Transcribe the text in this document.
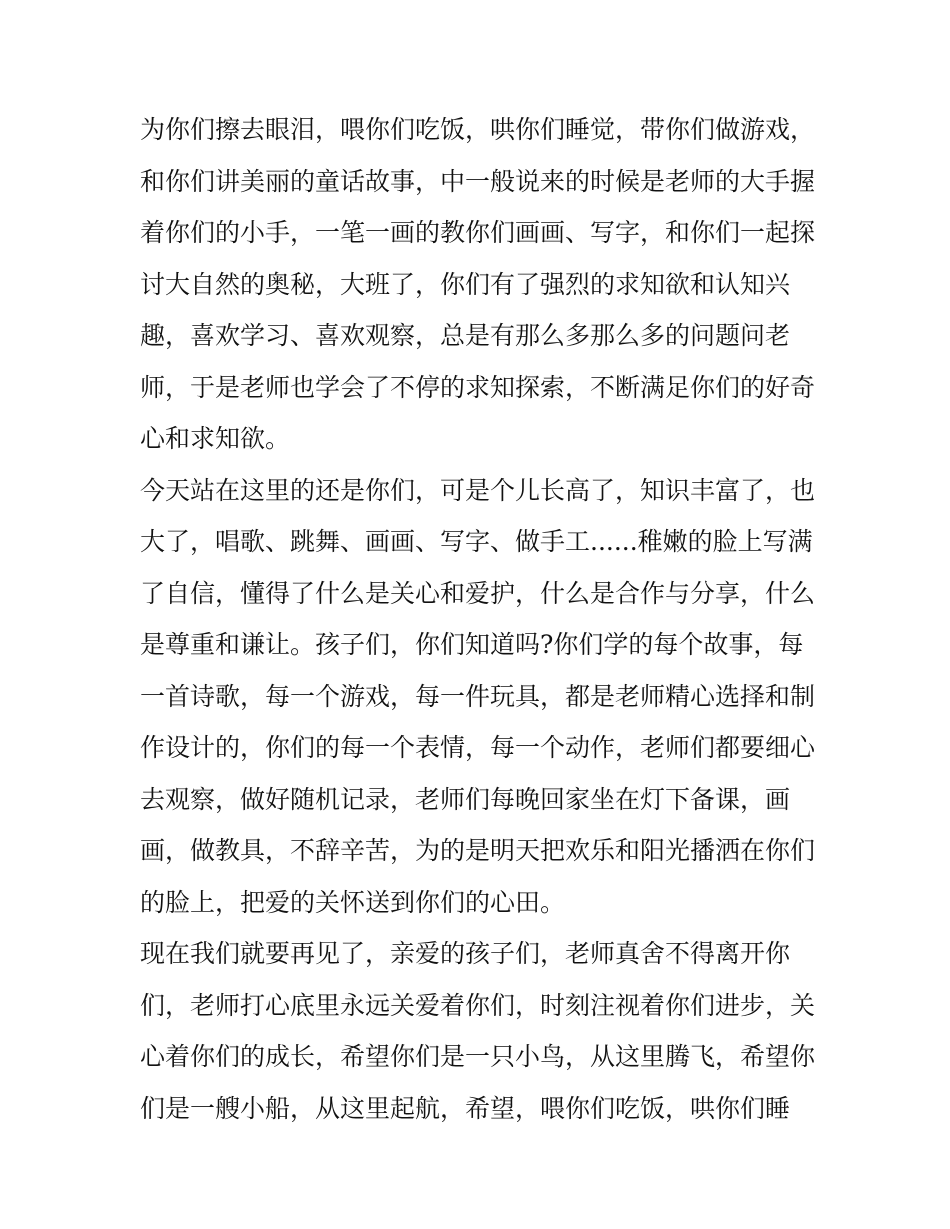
为你们擦去眼泪，喂你们吃饭，哄你们睡觉，带你们做游戏，
和你们讲美丽的童话故事，中一般说来的时候是老师的大手握
着你们的小手，一笔一画的教你们画画、写字，和你们一起探
讨大自然的奥秘，大班了，你们有了强烈的求知欲和认知兴
趣，喜欢学习、喜欢观察，总是有那么多那么多的问题问老
师，于是老师也学会了不停的求知探索，不断满足你们的好奇
心和求知欲。
今天站在这里的还是你们，可是个儿长高了，知识丰富了，也
大了，唱歌、跳舞、画画、写字、做手工......稚嫩的脸上写满
了自信，懂得了什么是关心和爱护，什么是合作与分享，什么
是尊重和谦让。孩子们，你们知道吗?你们学的每个故事，每
一首诗歌，每一个游戏，每一件玩具，都是老师精心选择和制
作设计的，你们的每一个表情，每一个动作，老师们都要细心
去观察，做好随机记录，老师们每晚回家坐在灯下备课，画
画，做教具，不辞辛苦，为的是明天把欢乐和阳光播洒在你们
的脸上，把爱的关怀送到你们的心田。
现在我们就要再见了，亲爱的孩子们，老师真舍不得离开你
们，老师打心底里永远关爱着你们，时刻注视着你们进步，关
心着你们的成长，希望你们是一只小鸟，从这里腾飞，希望你
们是一艘小船，从这里起航，希望，喂你们吃饭，哄你们睡
